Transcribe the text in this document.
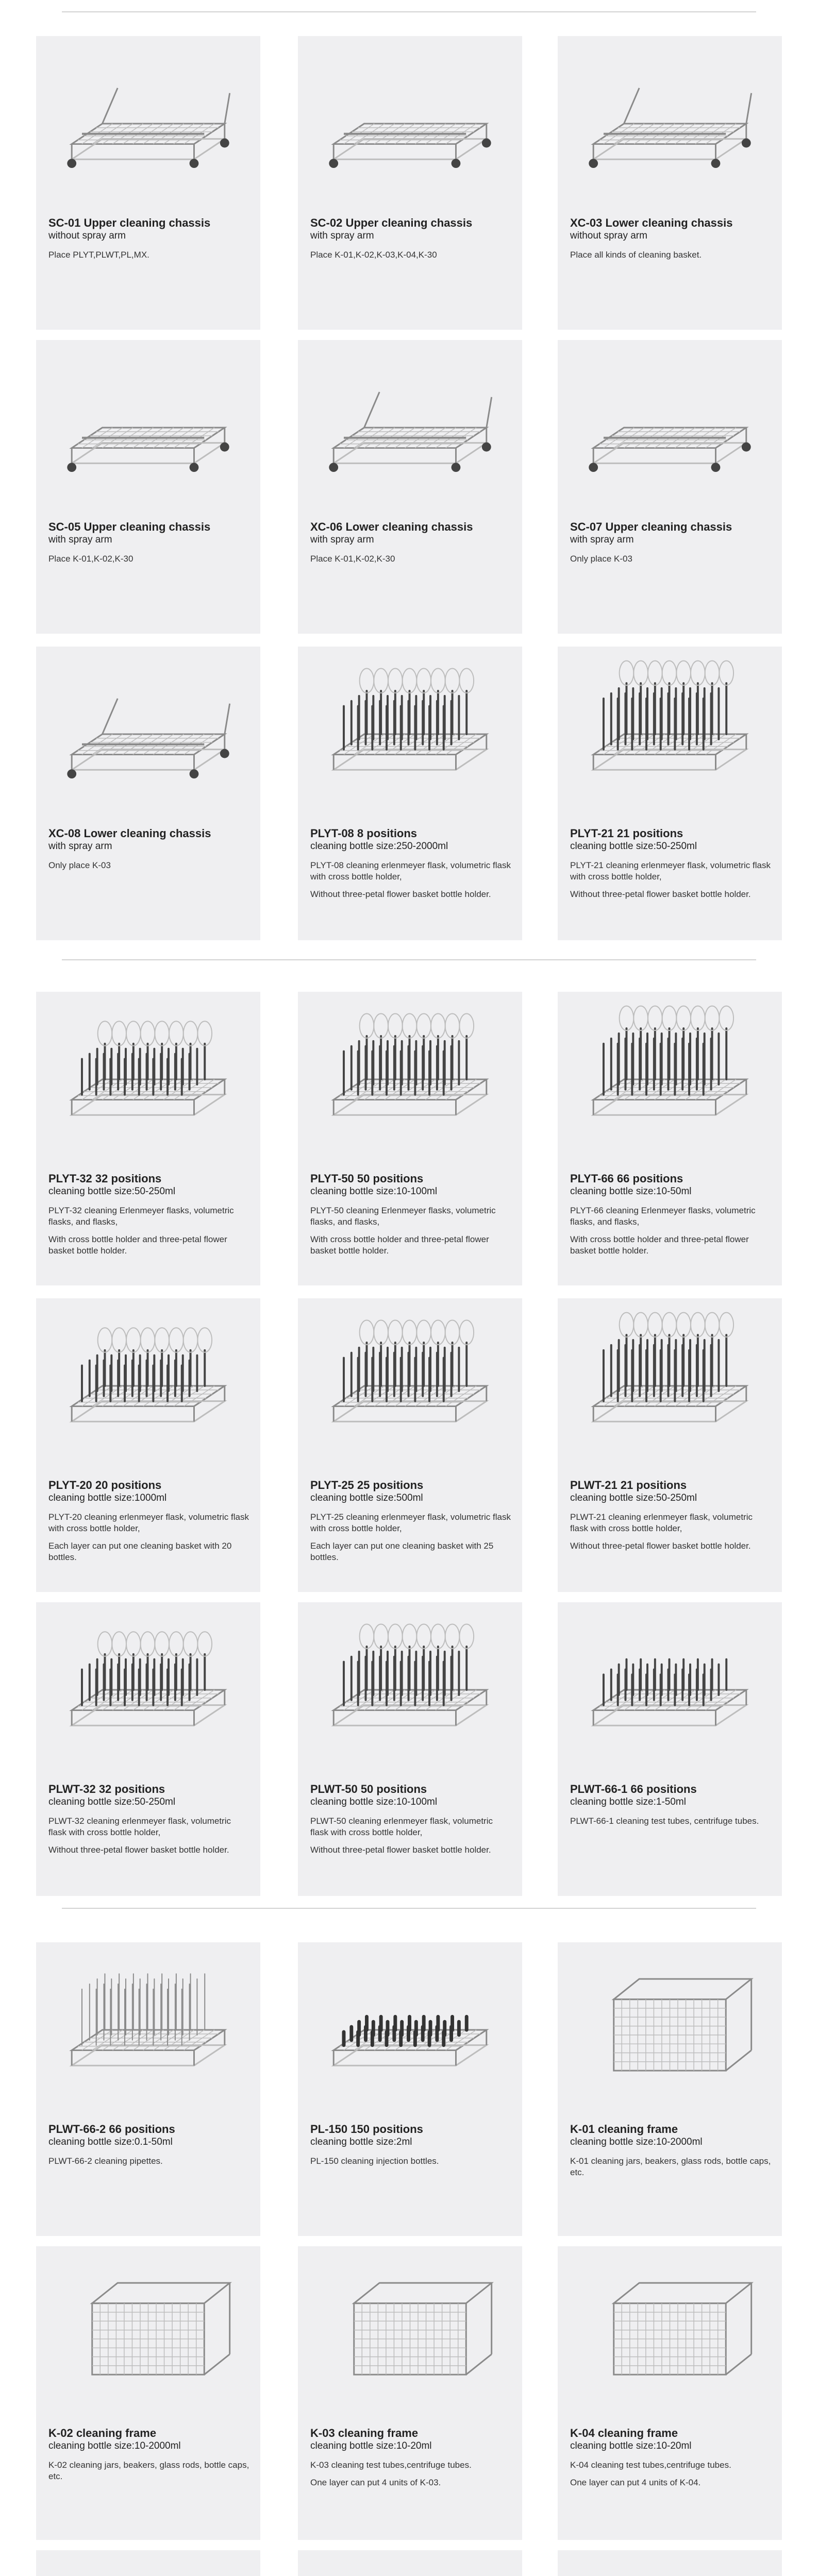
SC-01 Upper cleaning chassis
without spray arm

Place PLYT,PLWT,PL,MX.

SC-02 Upper cleaning chassis
with spray arm

Place K-01,K-02,K-03,K-04,K-30

XC-03 Lower cleaning chassis
without spray arm

Place all kinds of cleaning basket.

SC-05 Upper cleaning chassis
with spray arm

Place K-01,K-02,K-30

XC-06 Lower cleaning chassis
with spray arm

Place K-01,K-02,K-30

SC-07 Upper cleaning chassis
with spray arm

Only place K-03

XC-08 Lower cleaning chassis
with spray arm

Only place K-03

PLYT-08 8 positions
cleaning bottle size:250-2000ml

PLYT-08 cleaning erlenmeyer flask, volumetric flask with cross bottle holder,

Without three-petal flower basket bottle holder.

PLYT-21 21 positions
cleaning bottle size:50-250ml

PLYT-21 cleaning erlenmeyer flask, volumetric flask with cross bottle holder,

Without three-petal flower basket bottle holder.

PLYT-32 32 positions
cleaning bottle size:50-250ml

PLYT-32 cleaning Erlenmeyer flasks, volumetric flasks, and flasks,

With cross bottle holder and three-petal flower basket bottle holder.

PLYT-50 50 positions
cleaning bottle size:10-100ml

PLYT-50 cleaning Erlenmeyer flasks, volumetric flasks, and flasks,

With cross bottle holder and three-petal flower basket bottle holder.

PLYT-66 66 positions
cleaning bottle size:10-50ml

PLYT-66 cleaning Erlenmeyer flasks, volumetric flasks, and flasks,

With cross bottle holder and three-petal flower basket bottle holder.

PLYT-20 20 positions
cleaning bottle size:1000ml

PLYT-20 cleaning erlenmeyer flask, volumetric flask with cross bottle holder,

Each layer can put one cleaning basket with 20 bottles.

PLYT-25 25 positions
cleaning bottle size:500ml

PLYT-25 cleaning erlenmeyer flask, volumetric flask with cross bottle holder,

Each layer can put one cleaning basket with 25 bottles.

PLWT-21 21 positions
cleaning bottle size:50-250ml

PLWT-21 cleaning erlenmeyer flask, volumetric flask with cross bottle holder,

Without three-petal flower basket bottle holder.

PLWT-32 32 positions
cleaning bottle size:50-250ml

PLWT-32 cleaning erlenmeyer flask, volumetric flask with cross bottle holder,

Without three-petal flower basket bottle holder.

PLWT-50 50 positions
cleaning bottle size:10-100ml

PLWT-50 cleaning erlenmeyer flask, volumetric flask with cross bottle holder,

Without three-petal flower basket bottle holder.

PLWT-66-1 66 positions
cleaning bottle size:1-50ml

PLWT-66-1 cleaning test tubes, centrifuge tubes.

PLWT-66-2 66 positions
cleaning bottle size:0.1-50ml

PLWT-66-2 cleaning pipettes.

PL-150 150 positions
cleaning bottle size:2ml

PL-150 cleaning injection bottles.

K-01 cleaning frame
cleaning bottle size:10-2000ml

K-01 cleaning jars, beakers, glass rods, bottle caps, etc.

K-02 cleaning frame
cleaning bottle size:10-2000ml

K-02 cleaning jars, beakers, glass rods, bottle caps, etc.

K-03 cleaning frame
cleaning bottle size:10-20ml

K-03 cleaning test tubes,centrifuge tubes.

One layer can put 4 units of K-03.

K-04 cleaning frame
cleaning bottle size:10-20ml

K-04 cleaning test tubes,centrifuge tubes.

One layer can put 4 units of K-04.
